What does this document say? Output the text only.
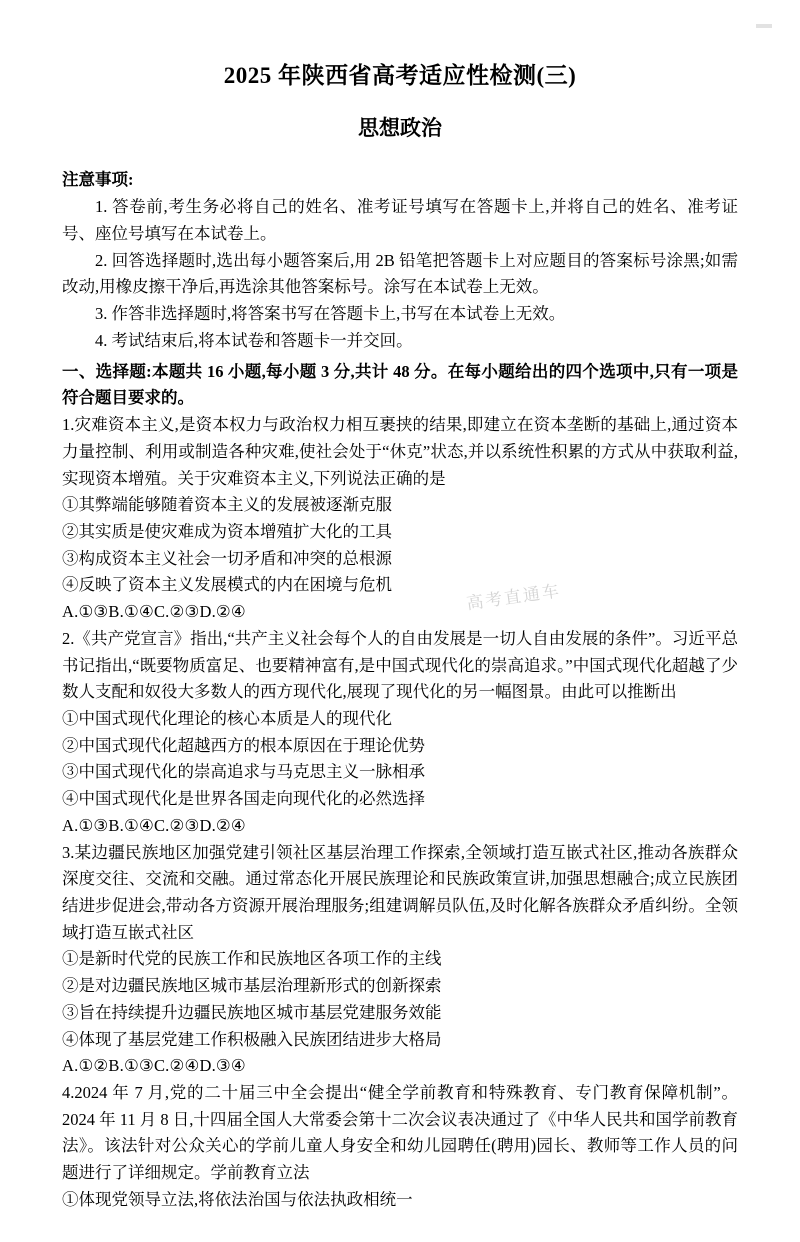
高考直通车
2025 年陕西省高考适应性检测(三)
思想政治
注意事项:

1. 答卷前,考生务必将自己的姓名、准考证号填写在答题卡上,并将自己的姓名、准考证号、座位号填写在本试卷上。

2. 回答选择题时,选出每小题答案后,用 2B 铅笔把答题卡上对应题目的答案标号涂黑;如需改动,用橡皮擦干净后,再选涂其他答案标号。涂写在本试卷上无效。

3. 作答非选择题时,将答案书写在答题卡上,书写在本试卷上无效。

4. 考试结束后,将本试卷和答题卡一并交回。

一、选择题:本题共 16 小题,每小题 3 分,共计 48 分。在每小题给出的四个选项中,只有一项是符合题目要求的。

1.灾难资本主义,是资本权力与政治权力相互裹挟的结果,即建立在资本垄断的基础上,通过资本力量控制、利用或制造各种灾难,使社会处于“休克”状态,并以系统性积累的方式从中获取利益,实现资本增殖。关于灾难资本主义,下列说法正确的是

①其弊端能够随着资本主义的发展被逐渐克服

②其实质是使灾难成为资本增殖扩大化的工具

③构成资本主义社会一切矛盾和冲突的总根源

④反映了资本主义发展模式的内在困境与危机

A.①③B.①④C.②③D.②④

2.《共产党宣言》指出,“共产主义社会每个人的自由发展是一切人自由发展的条件”。习近平总书记指出,“既要物质富足、也要精神富有,是中国式现代化的崇高追求。”中国式现代化超越了少数人支配和奴役大多数人的西方现代化,展现了现代化的另一幅图景。由此可以推断出

①中国式现代化理论的核心本质是人的现代化

②中国式现代化超越西方的根本原因在于理论优势

③中国式现代化的崇高追求与马克思主义一脉相承

④中国式现代化是世界各国走向现代化的必然选择

A.①③B.①④C.②③D.②④

3.某边疆民族地区加强党建引领社区基层治理工作探索,全领域打造互嵌式社区,推动各族群众深度交往、交流和交融。通过常态化开展民族理论和民族政策宣讲,加强思想融合;成立民族团结进步促进会,带动各方资源开展治理服务;组建调解员队伍,及时化解各族群众矛盾纠纷。全领域打造互嵌式社区

①是新时代党的民族工作和民族地区各项工作的主线

②是对边疆民族地区城市基层治理新形式的创新探索

③旨在持续提升边疆民族地区城市基层党建服务效能

④体现了基层党建工作积极融入民族团结进步大格局

A.①②B.①③C.②④D.③④

4.2024 年 7 月,党的二十届三中全会提出“健全学前教育和特殊教育、专门教育保障机制”。2024 年 11 月 8 日,十四届全国人大常委会第十二次会议表决通过了《中华人民共和国学前教育法》。该法针对公众关心的学前儿童人身安全和幼儿园聘任(聘用)园长、教师等工作人员的问题进行了详细规定。学前教育立法

①体现党领导立法,将依法治国与依法执政相统一
